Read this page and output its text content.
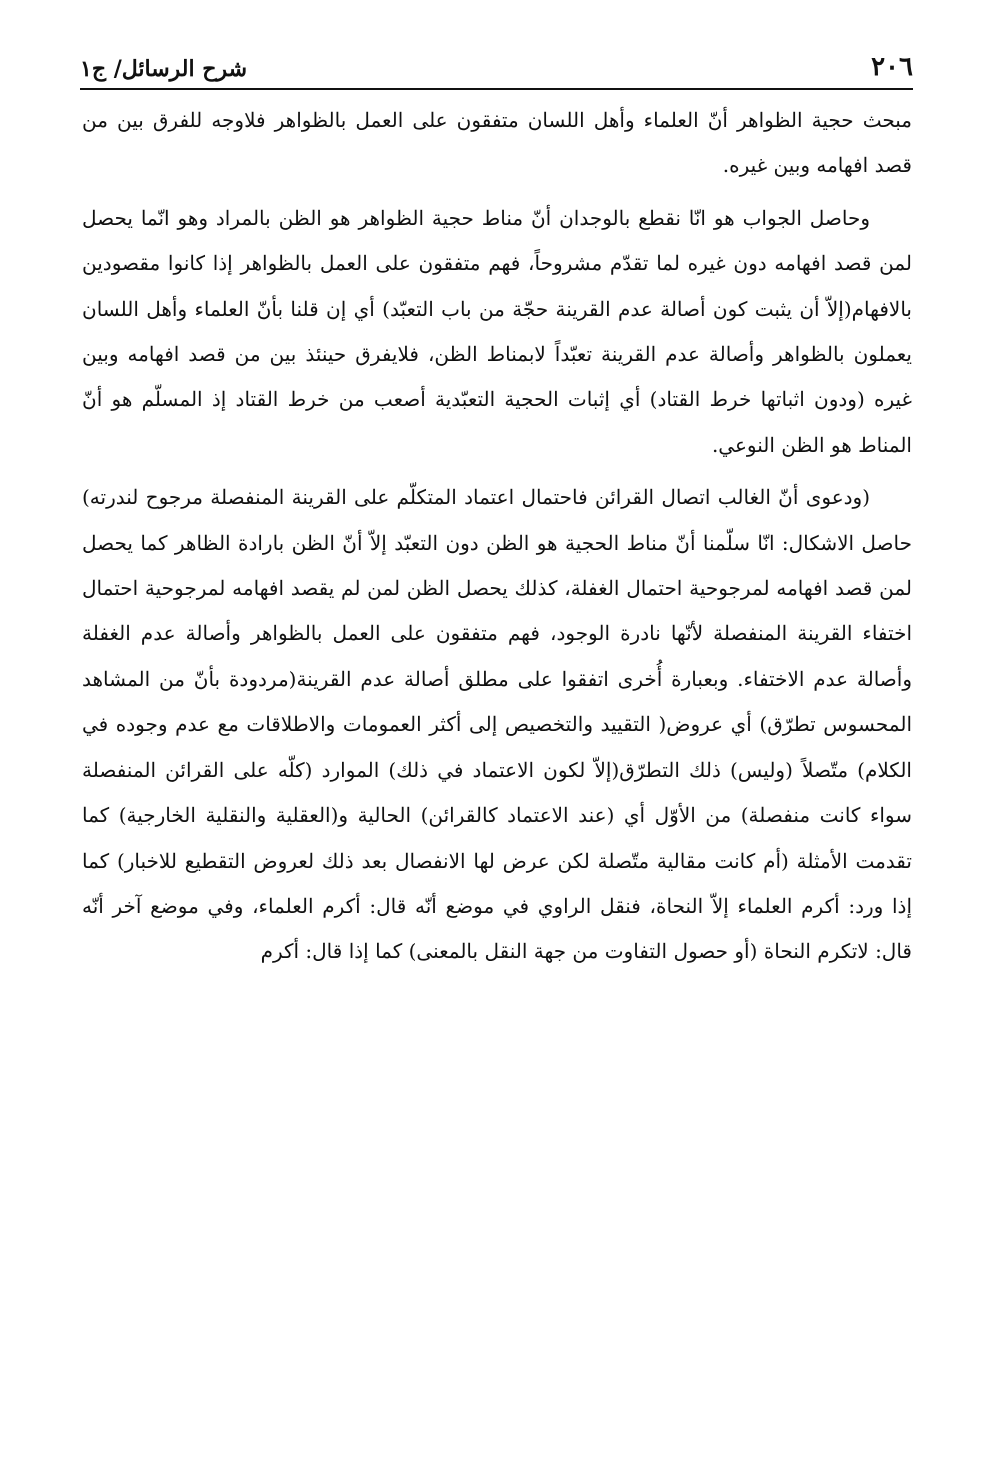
٢٠٦
شرح الرسائل/ ج١

مبحث حجية الظواهر أنّ العلماء وأهل اللسان متفقون على العمل بالظواهر فلاوجه للفرق بين من قصد افهامه وبين غيره.

وحاصل الجواب هو انّا نقطع بالوجدان أنّ مناط حجية الظواهر هو الظن بالمراد وهو انّما يحصل لمن قصد افهامه دون غيره لما تقدّم مشروحاً، فهم متفقون على العمل بالظواهر إذا كانوا مقصودين بالافهام(إلاّ أن يثبت كون أصالة عدم القرينة حجّة من باب التعبّد) أي إن قلنا بأنّ العلماء وأهل اللسان يعملون بالظواهر وأصالة عدم القرينة تعبّداً لابمناط الظن، فلايفرق حينئذ بين من قصد افهامه وبين غيره (ودون اثباتها خرط القتاد) أي إثبات الحجية التعبّدية أصعب من خرط القتاد إذ المسلّم هو أنّ المناط هو الظن النوعي.

(ودعوى أنّ الغالب اتصال القرائن فاحتمال اعتماد المتكلّم على القرينة المنفصلة مرجوح لندرته) حاصل الاشكال: انّا سلّمنا أنّ مناط الحجية هو الظن دون التعبّد إلاّ أنّ الظن بارادة الظاهر كما يحصل لمن قصد افهامه لمرجوحية احتمال الغفلة، كذلك يحصل الظن لمن لم يقصد افهامه لمرجوحية احتمال اختفاء القرينة المنفصلة لأنّها نادرة الوجود، فهم متفقون على العمل بالظواهر وأصالة عدم الغفلة وأصالة عدم الاختفاء. وبعبارة أُخرى اتفقوا على مطلق أصالة عدم القرينة(مردودة بأنّ من المشاهد المحسوس تطرّق) أي عروض( التقييد والتخصيص إلى أكثر العمومات والاطلاقات مع عدم وجوده في الكلام) متّصلاً (وليس) ذلك التطرّق(إلاّ لكون الاعتماد في ذلك) الموارد (كلّه على القرائن المنفصلة سواء كانت منفصلة) من الأوّل أي (عند الاعتماد كالقرائن) الحالية و(العقلية والنقلية الخارجية) كما تقدمت الأمثلة (أم كانت مقالية متّصلة لكن عرض لها الانفصال بعد ذلك لعروض التقطيع للاخبار) كما إذا ورد: أكرم العلماء إلاّ النحاة، فنقل الراوي في موضع أنّه قال: أكرم العلماء، وفي موضع آخر أنّه قال: لاتكرم النحاة (أو حصول التفاوت من جهة النقل بالمعنى) كما إذا قال: أكرم
